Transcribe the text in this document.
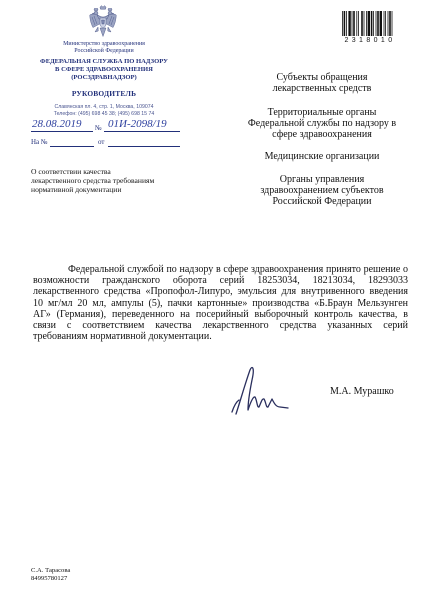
Министерство здравоохранения
Российской Федерации
ФЕДЕРАЛЬНАЯ СЛУЖБА ПО НАДЗОРУ
В СФЕРЕ ЗДРАВООХРАНЕНИЯ
(РОСЗДРАВНАДЗОР)
РУКОВОДИТЕЛЬ
Славянская пл. 4, стр. 1, Москва, 109074
Телефон: (495) 698 45 38; (495) 698 15 74
28.08.2019 № 01И-2098/19
На №	от
2318010
О соответствии качества
лекарственного средства требованиям
нормативной документации
Субъекты обращения
лекарственных средств
Территориальные органы
Федеральной службы по надзору в
сфере здравоохранения
Медицинские организации
Органы управления
здравоохранением субъектов
Российской Федерации
Федеральной службой по надзору в сфере здравоохранения принято решение о
возможности гражданского оборота серий 18253034, 18213034, 18293033
лекарственного средства «Пропофол-Липуро, эмульсия для внутривенного введения
10 мг/мл 20 мл, ампулы (5), пачки картонные» производства «Б.Браун Мельзунген
АГ» (Германия), переведенного на посерийный выборочный контроль качества, в
связи с соответствием качества лекарственного средства указанных серий
требованиям нормативной документации.
М.А. Мурашко
С.А. Тарасова
84995780127
